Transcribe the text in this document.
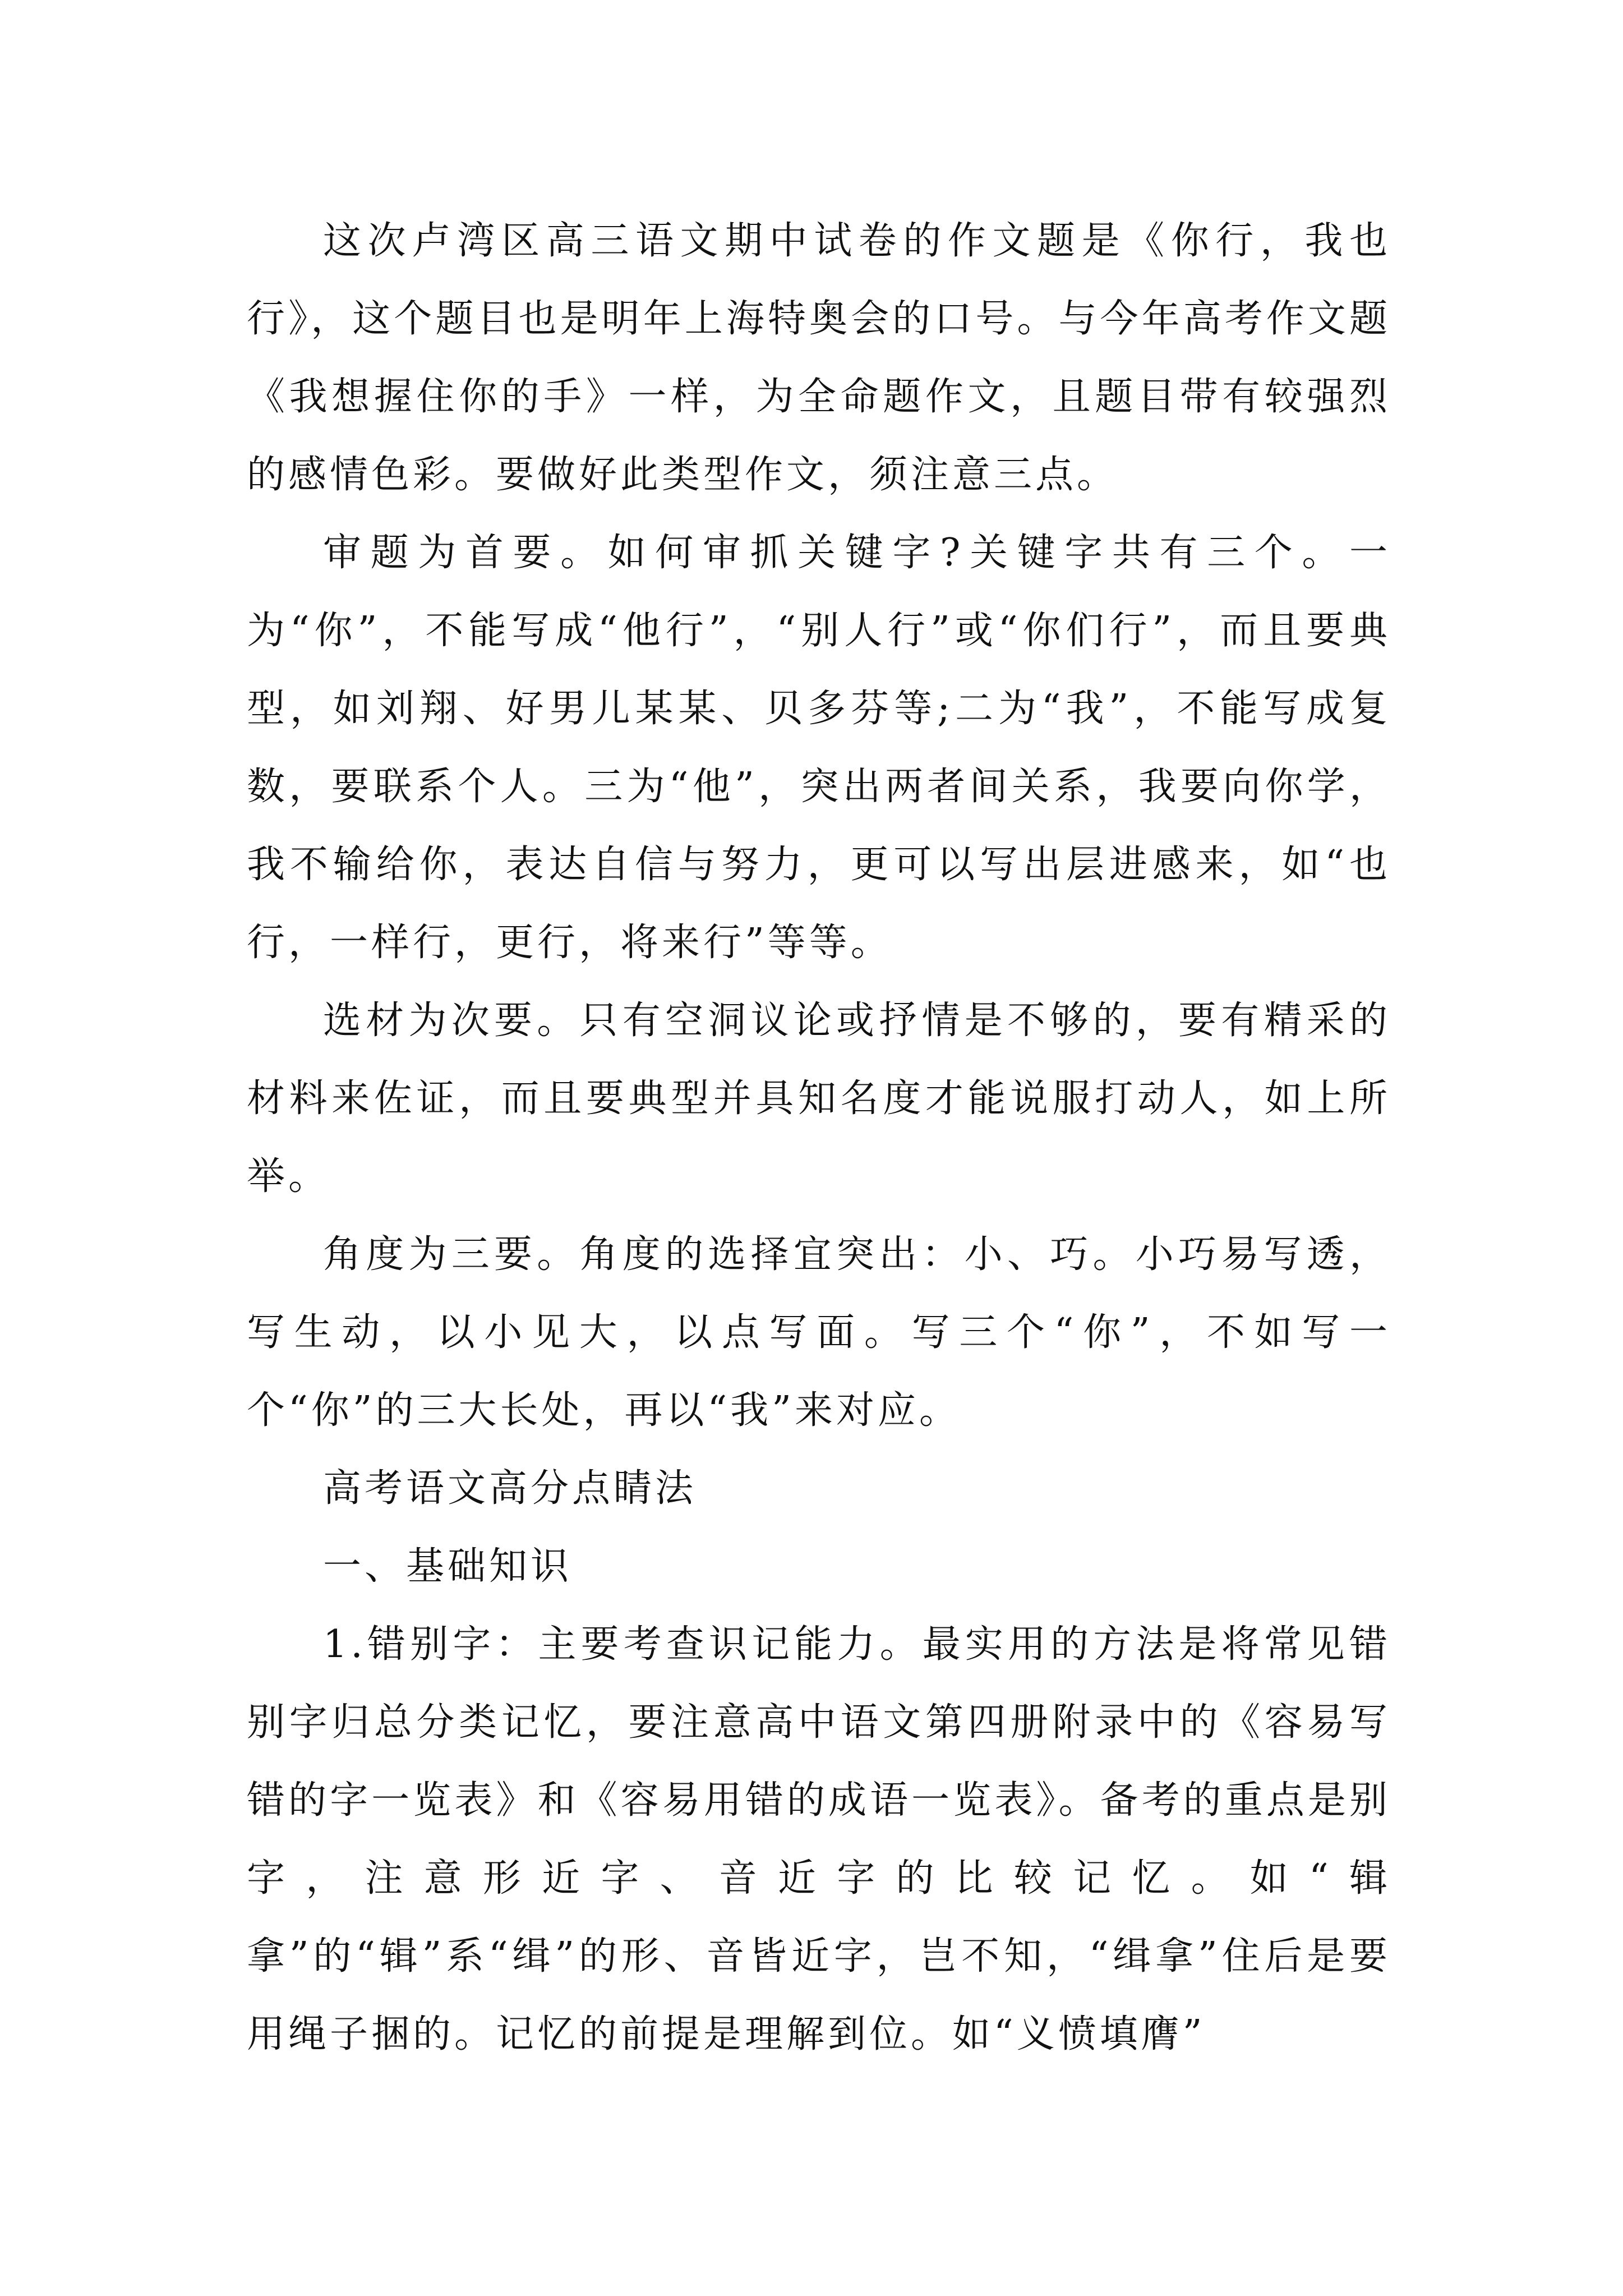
这次卢湾区高三语文期中试卷的作文题是《你行，我也行》，这个题目也是明年上海特奥会的口号。与今年高考作文题《我想握住你的手》一样，为全命题作文，且题目带有较强烈的感情色彩。要做好此类型作文，须注意三点。

审题为首要。如何审抓关键字?关键字共有三个。一为“你”，不能写成“他行”，“别人行”或“你们行”，而且要典型，如刘翔、好男儿某某、贝多芬等;二为“我”，不能写成复数，要联系个人。三为“他”，突出两者间关系，我要向你学，我不输给你，表达自信与努力，更可以写出层进感来，如“也行，一样行，更行，将来行”等等。

选材为次要。只有空洞议论或抒情是不够的，要有精采的材料来佐证，而且要典型并具知名度才能说服打动人，如上所举。

角度为三要。角度的选择宜突出：小、巧。小巧易写透，写生动，以小见大，以点写面。写三个“你”，不如写一个“你”的三大长处，再以“我”来对应。

高考语文高分点睛法

一、基础知识

1.错别字：主要考查识记能力。最实用的方法是将常见错别字归总分类记忆，要注意高中语文第四册附录中的《容易写错的字一览表》和《容易用错的成语一览表》。备考的重点是别字，注意形近字、音近字的比较记忆。如“辑拿”的“辑”系“缉”的形、音皆近字，岂不知，“缉拿”住后是要用绳子捆的。记忆的前提是理解到位。如“义愤填膺”
